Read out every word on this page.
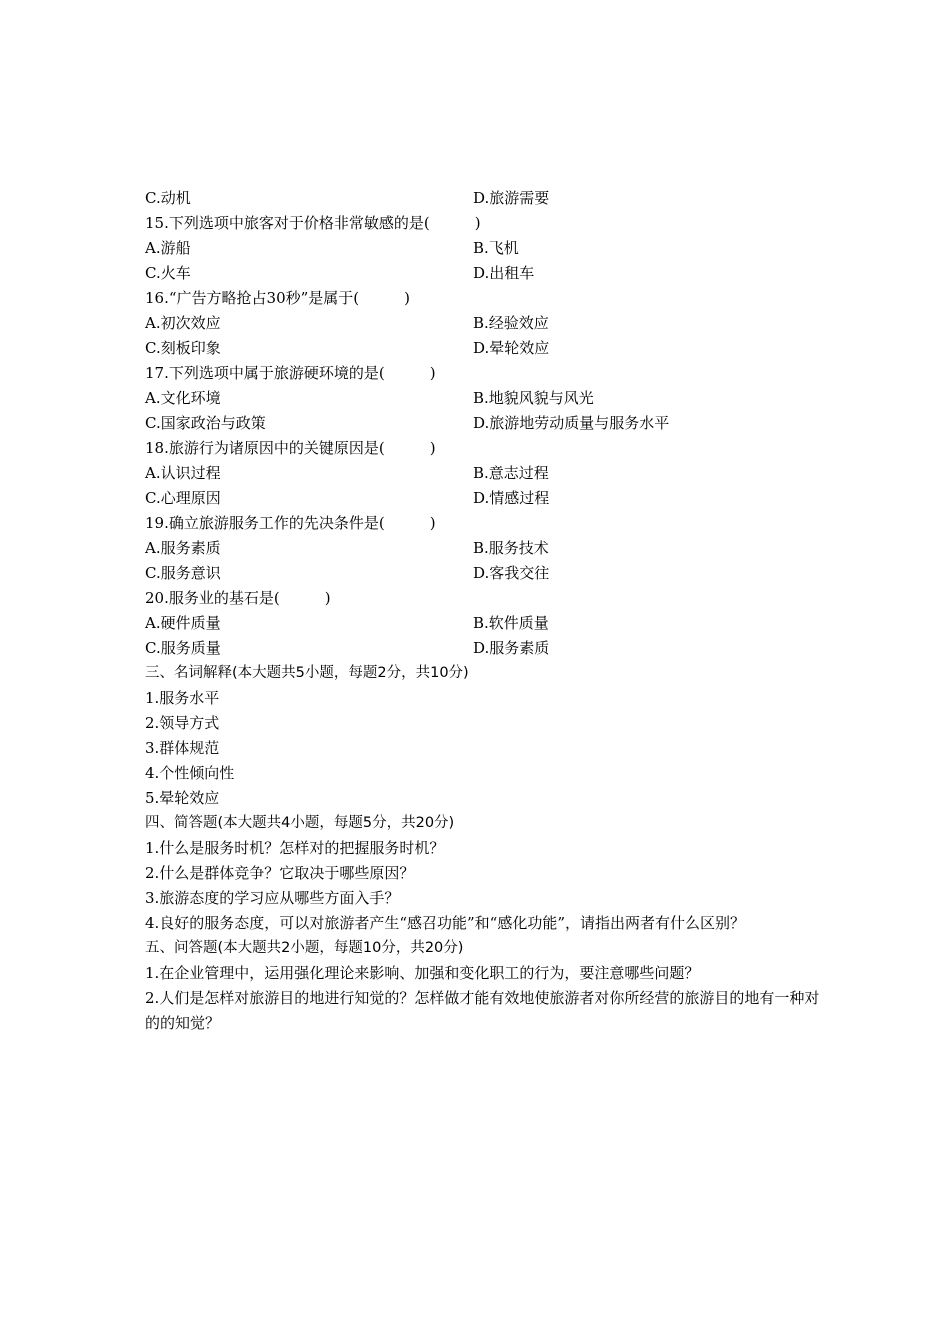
C.动机	D.旅游需要
15.下列选项中旅客对于价格非常敏感的是(　　　)
A.游船	B.飞机
C.火车	D.出租车
16.“广告方略抢占30秒”是属于(　　　)
A.初次效应	B.经验效应
C.刻板印象	D.晕轮效应
17.下列选项中属于旅游硬环境的是(　　　)
A.文化环境	B.地貌风貌与风光
C.国家政治与政策	D.旅游地劳动质量与服务水平
18.旅游行为诸原因中的关键原因是(　　　)
A.认识过程	B.意志过程
C.心理原因	D.情感过程
19.确立旅游服务工作的先决条件是(　　　)
A.服务素质	B.服务技术
C.服务意识	D.客我交往
20.服务业的基石是(　　　)
A.硬件质量	B.软件质量
C.服务质量	D.服务素质
三、名词解释(本大题共5小题，每题2分，共10分)
1.服务水平
2.领导方式
3.群体规范
4.个性倾向性
5.晕轮效应
四、简答题(本大题共4小题，每题5分，共20分)
1.什么是服务时机？怎样对的把握服务时机？
2.什么是群体竞争？它取决于哪些原因？
3.旅游态度的学习应从哪些方面入手？
4.良好的服务态度，可以对旅游者产生“感召功能”和“感化功能”，请指出两者有什么区别？
五、问答题(本大题共2小题，每题10分，共20分)
1.在企业管理中，运用强化理论来影响、加强和变化职工的行为，要注意哪些问题？
2.人们是怎样对旅游目的地进行知觉的？怎样做才能有效地使旅游者对你所经营的旅游目的地有一种对的的知觉？
